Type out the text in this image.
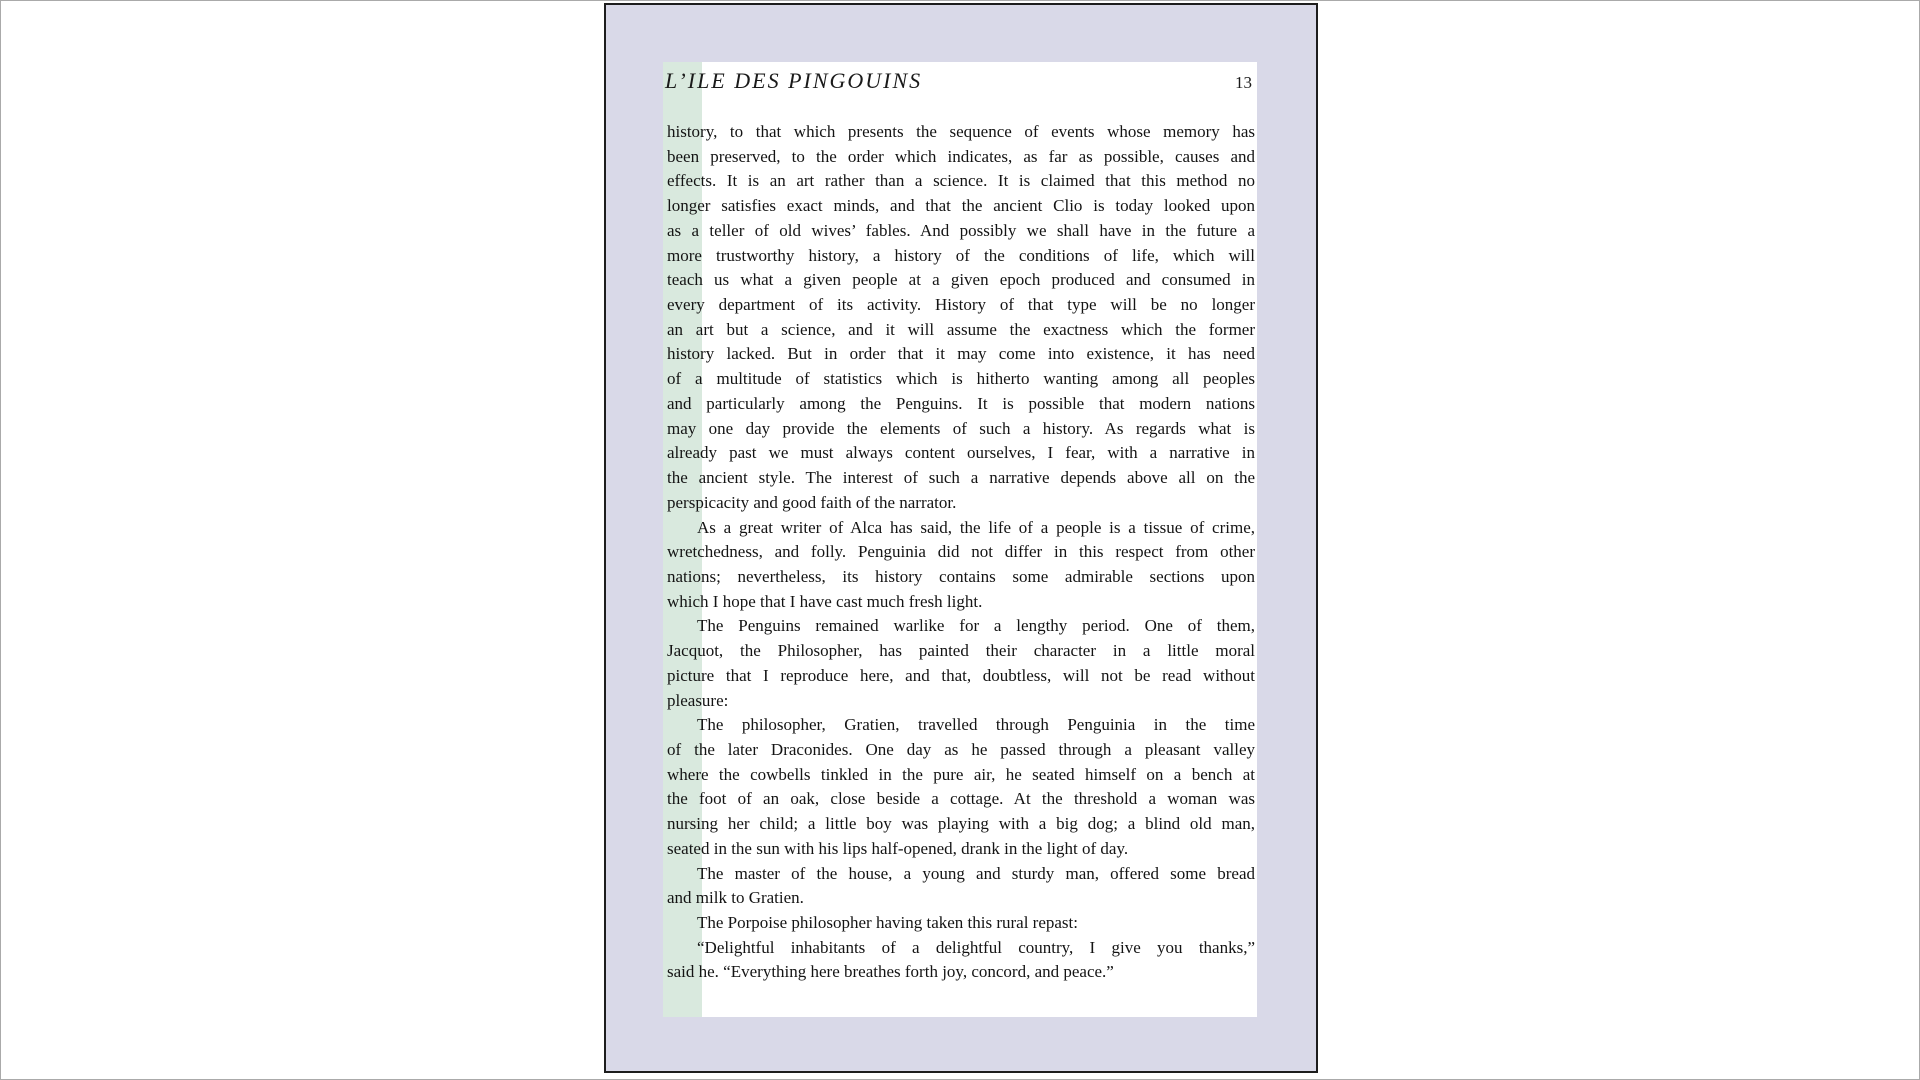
L’ILE DES PINGOUINS	13
history, to that which presents the sequence of events whose memory has
been preserved, to the order which indicates, as far as possible, causes and
effects. It is an art rather than a science. It is claimed that this method no
longer satisfies exact minds, and that the ancient Clio is today looked upon
as a teller of old wives’ fables. And possibly we shall have in the future a
more trustworthy history, a history of the conditions of life, which will
teach us what a given people at a given epoch produced and consumed in
every department of its activity. History of that type will be no longer
an art but a science, and it will assume the exactness which the former
history lacked. But in order that it may come into existence, it has need
of a multitude of statistics which is hitherto wanting among all peoples
and particularly among the Penguins. It is possible that modern nations
may one day provide the elements of such a history. As regards what is
already past we must always content ourselves, I fear, with a narrative in
the ancient style. The interest of such a narrative depends above all on the
perspicacity and good faith of the narrator.
As a great writer of Alca has said, the life of a people is a tissue of crime,
wretchedness, and folly. Penguinia did not differ in this respect from other
nations; nevertheless, its history contains some admirable sections upon
which I hope that I have cast much fresh light.
The Penguins remained warlike for a lengthy period. One of them,
Jacquot, the Philosopher, has painted their character in a little moral
picture that I reproduce here, and that, doubtless, will not be read without
pleasure:
The philosopher, Gratien, travelled through Penguinia in the time
of the later Draconides. One day as he passed through a pleasant valley
where the cowbells tinkled in the pure air, he seated himself on a bench at
the foot of an oak, close beside a cottage. At the threshold a woman was
nursing her child; a little boy was playing with a big dog; a blind old man,
seated in the sun with his lips half-opened, drank in the light of day.
The master of the house, a young and sturdy man, offered some bread
and milk to Gratien.
The Porpoise philosopher having taken this rural repast:
“Delightful inhabitants of a delightful country, I give you thanks,”
said he. “Everything here breathes forth joy, concord, and peace.”
